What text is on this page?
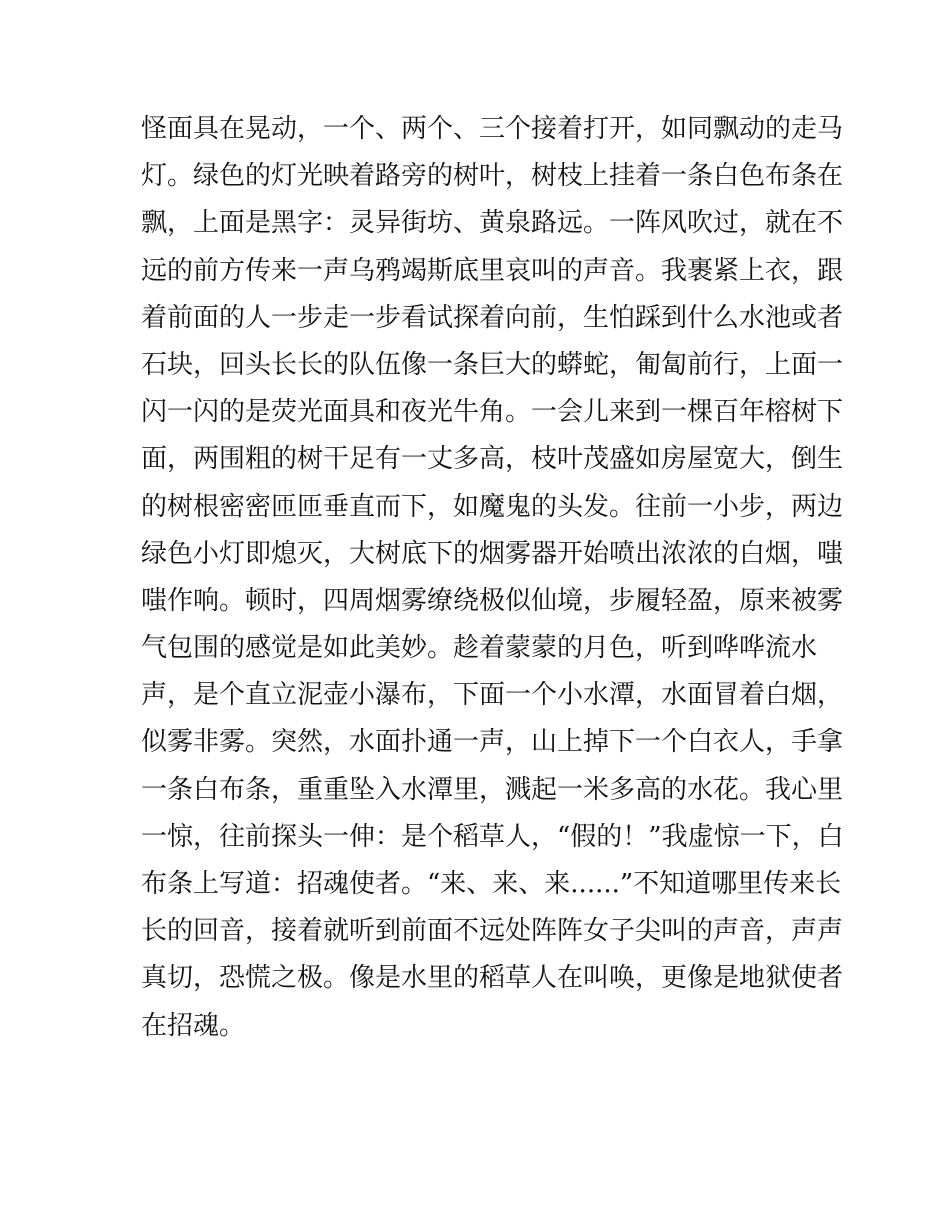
怪面具在晃动，一个、两个、三个接着打开，如同飘动的走马
灯。绿色的灯光映着路旁的树叶，树枝上挂着一条白色布条在
飘，上面是黑字：灵异街坊、黄泉路远。一阵风吹过，就在不
远的前方传来一声乌鸦竭斯底里哀叫的声音。我裹紧上衣，跟
着前面的人一步走一步看试探着向前，生怕踩到什么水池或者
石块，回头长长的队伍像一条巨大的蟒蛇，匍匐前行，上面一
闪一闪的是荧光面具和夜光牛角。一会儿来到一棵百年榕树下
面，两围粗的树干足有一丈多高，枝叶茂盛如房屋宽大，倒生
的树根密密匝匝垂直而下，如魔鬼的头发。往前一小步，两边
绿色小灯即熄灭，大树底下的烟雾器开始喷出浓浓的白烟，嗤
嗤作响。顿时，四周烟雾缭绕极似仙境，步履轻盈，原来被雾
气包围的感觉是如此美妙。趁着蒙蒙的月色，听到哗哗流水
声，是个直立泥壶小瀑布，下面一个小水潭，水面冒着白烟，
似雾非雾。突然，水面扑通一声，山上掉下一个白衣人，手拿
一条白布条，重重坠入水潭里，溅起一米多高的水花。我心里
一惊，往前探头一伸：是个稻草人，“假的！”我虚惊一下，白
布条上写道：招魂使者。“来、来、来......”不知道哪里传来长
长的回音，接着就听到前面不远处阵阵女子尖叫的声音，声声
真切，恐慌之极。像是水里的稻草人在叫唤，更像是地狱使者
在招魂。
